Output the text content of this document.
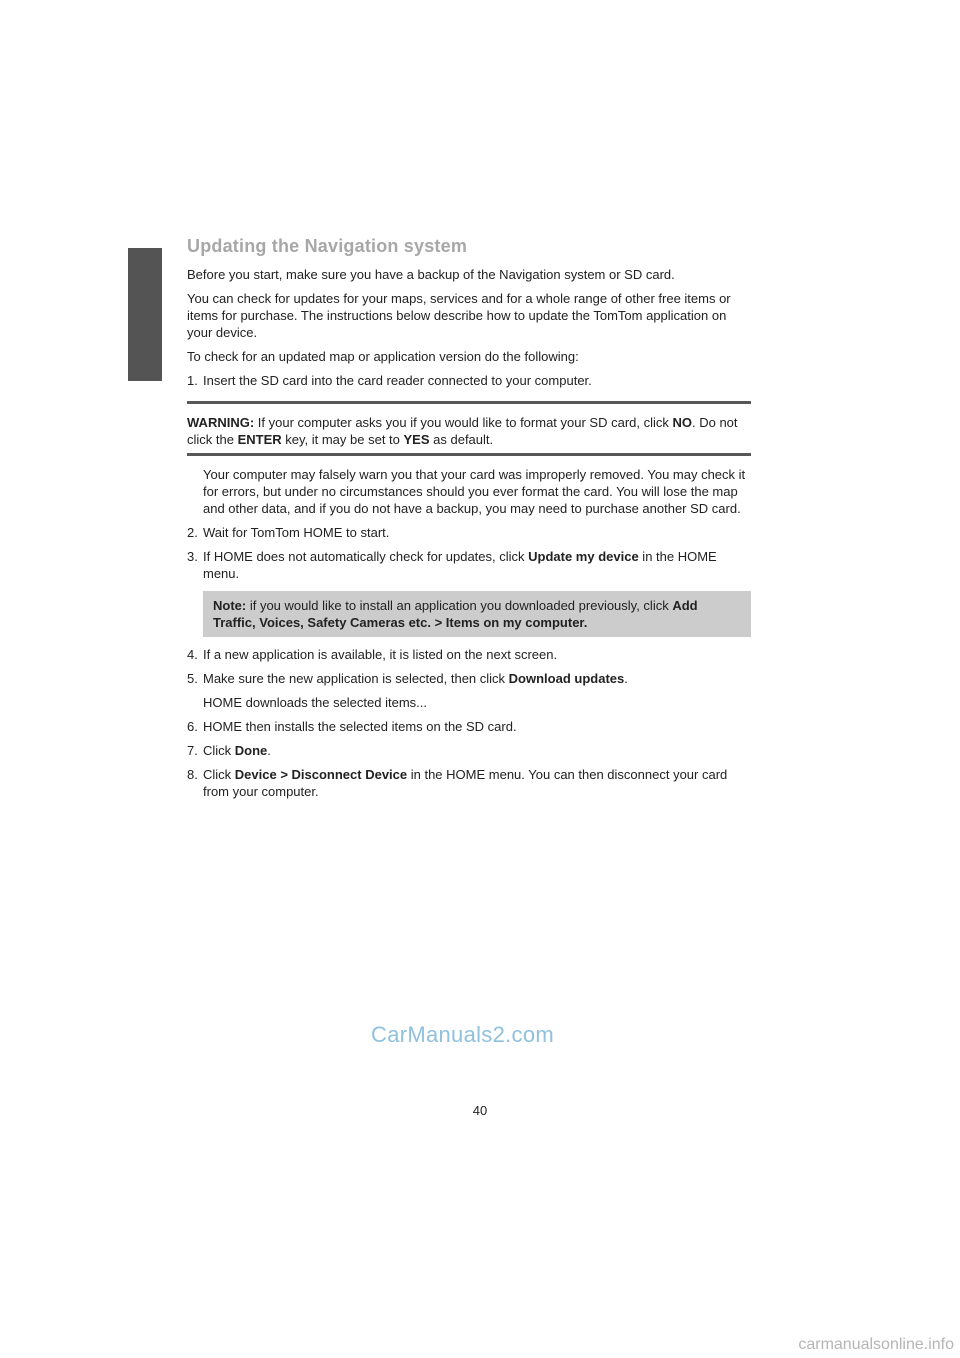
Updating the Navigation system

Before you start, make sure you have a backup of the Navigation system or SD card.

You can check for updates for your maps, services and for a whole range of other free items or items for purchase. The instructions below describe how to update the TomTom application on your device.

To check for an updated map or application version do the following:

1. Insert the SD card into the card reader connected to your computer.
WARNING: If your computer asks you if you would like to format your SD card, click NO. Do not click the ENTER key, it may be set to YES as default.

Your computer may falsely warn you that your card was improperly removed. You may check it for errors, but under no circumstances should you ever format the card. You will lose the map and other data, and if you do not have a backup, you may need to purchase another SD card.

2. Wait for TomTom HOME to start.
3. If HOME does not automatically check for updates, click Update my device in the HOME menu.
Note: if you would like to install an application you downloaded previously, click Add Traffic, Voices, Safety Cameras etc. > Items on my computer.
4. If a new application is available, it is listed on the next screen.
5. Make sure the new application is selected, then click Download updates.

HOME downloads the selected items...

6. HOME then installs the selected items on the SD card.
7. Click Done.
8. Click Device > Disconnect Device in the HOME menu. You can then disconnect your card from your computer.
CarManuals2.com
40
carmanualsonline.info
